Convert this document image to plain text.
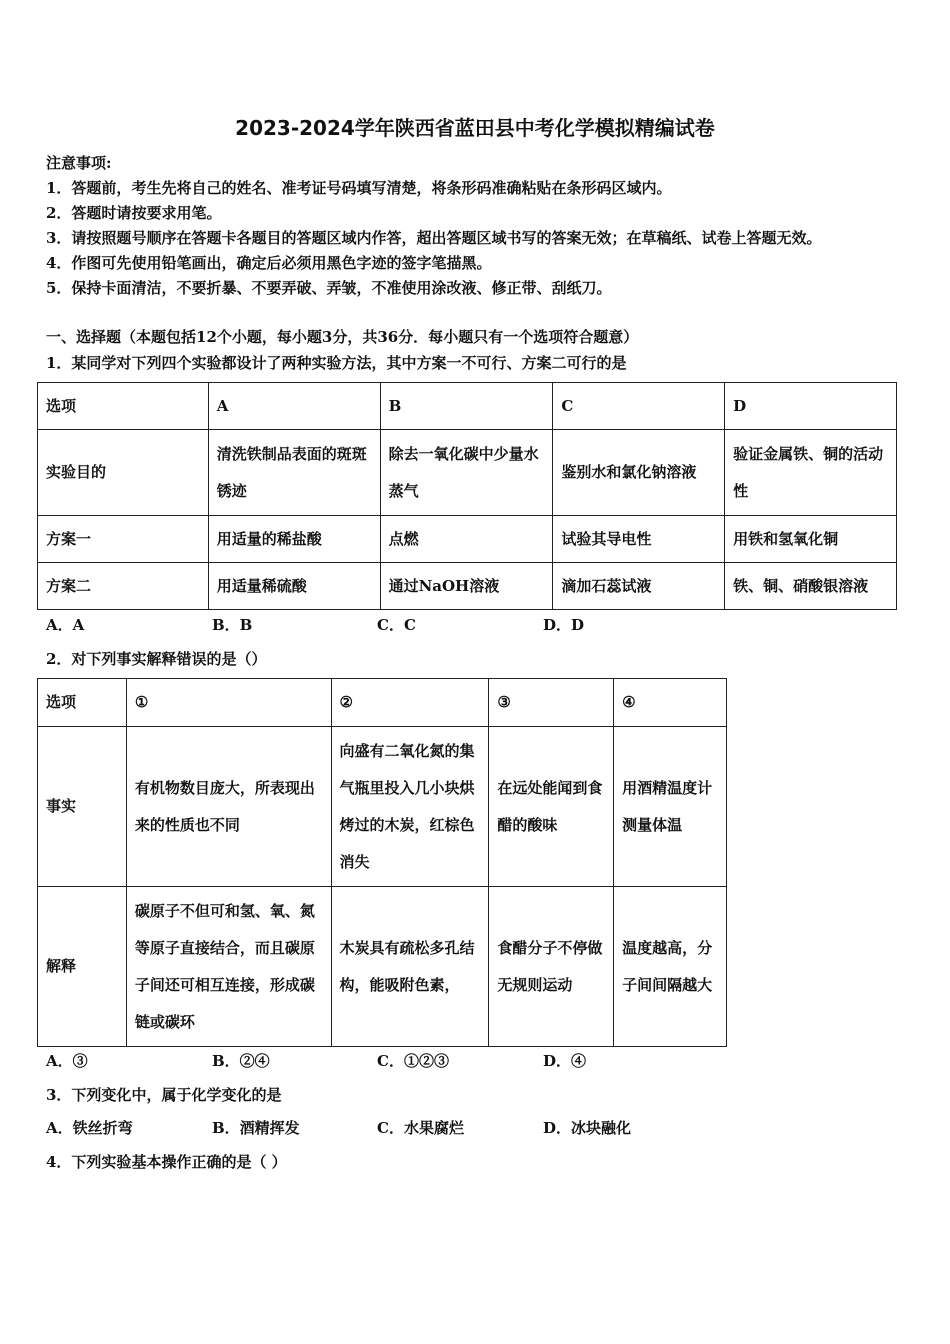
2023-2024学年陕西省蓝田县中考化学模拟精编试卷
注意事项:
1．答题前，考生先将自己的姓名、准考证号码填写清楚，将条形码准确粘贴在条形码区域内。
2．答题时请按要求用笔。
3．请按照题号顺序在答题卡各题目的答题区域内作答，超出答题区域书写的答案无效；在草稿纸、试卷上答题无效。
4．作图可先使用铅笔画出，确定后必须用黑色字迹的签字笔描黑。
5．保持卡面清洁，不要折暴、不要弄破、弄皱，不准使用涂改液、修正带、刮纸刀。
一、选择题（本题包括12个小题，每小题3分，共36分．每小题只有一个选项符合题意）
1．某同学对下列四个实验都设计了两种实验方法，其中方案一不可行、方案二可行的是
选项	A	B	C	D
实验目的	清洗铁制品表面的斑斑锈迹	除去一氧化碳中少量水蒸气	鉴别水和氯化钠溶液	验证金属铁、铜的活动性
方案一	用适量的稀盐酸	点燃	试验其导电性	用铁和氢氧化铜
方案二	用适量稀硫酸	通过NaOH溶液	滴加石蕊试液	铁、铜、硝酸银溶液
A．A	B．B	C．C	D．D
2．对下列事实解释错误的是（）
选项	①	②	③	④
事实	有机物数目庞大，所表现出来的性质也不同	向盛有二氧化氮的集气瓶里投入几小块烘烤过的木炭，红棕色消失	在远处能闻到食醋的酸味	用酒精温度计测量体温
解释	碳原子不但可和氢、氧、氮等原子直接结合，而且碳原子间还可相互连接，形成碳链或碳环	木炭具有疏松多孔结构，能吸附色素，	食醋分子不停做无规则运动	温度越高，分子间间隔越大
A．③	B．②④	C．①②③	D．④
3．下列变化中，属于化学变化的是
A．铁丝折弯	B．酒精挥发	C．水果腐烂	D．冰块融化
4．下列实验基本操作正确的是（ ）
